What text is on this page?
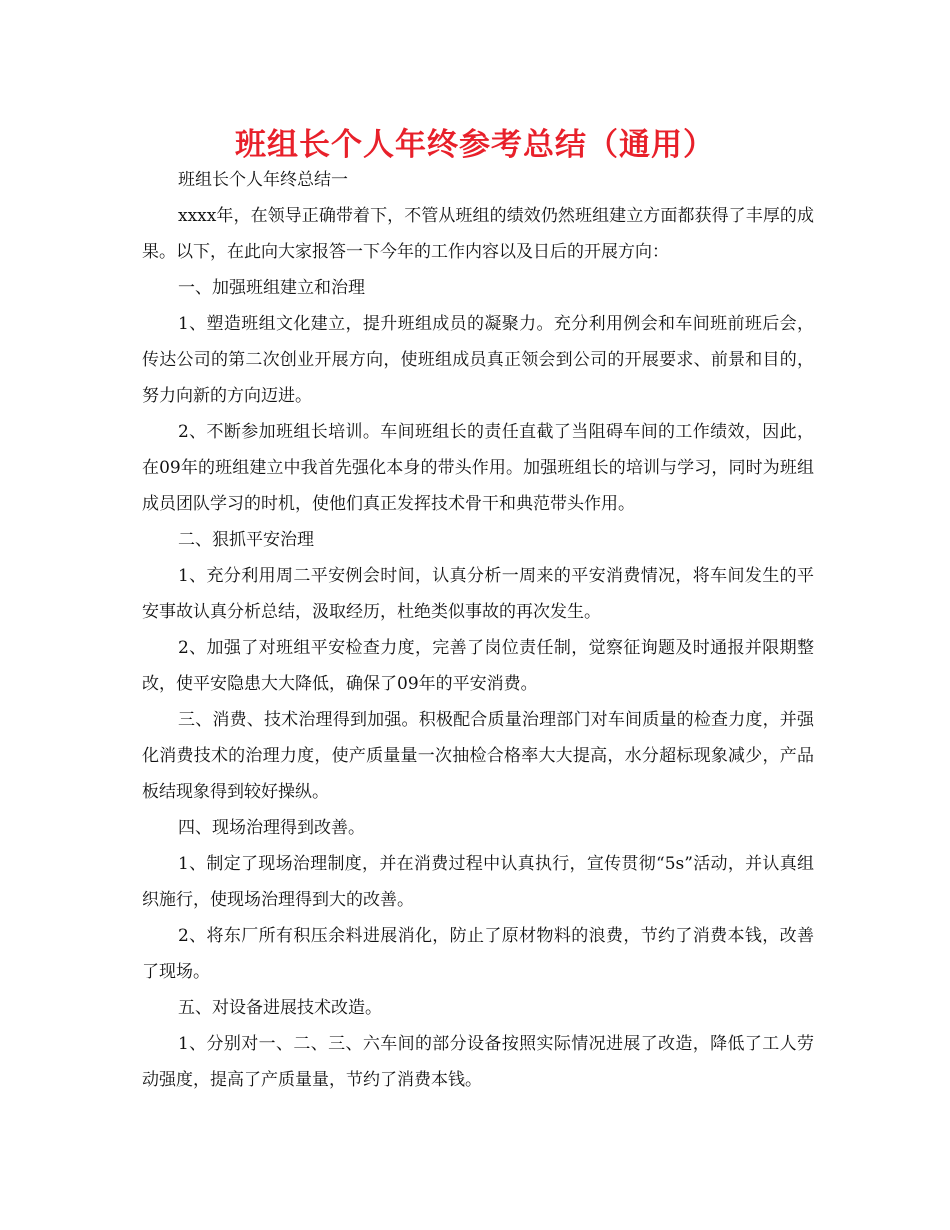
班组长个人年终参考总结（通用）

班组长个人年终总结一

xxxx年，在领导正确带着下，不管从班组的绩效仍然班组建立方面都获得了丰厚的成果。以下，在此向大家报答一下今年的工作内容以及日后的开展方向：

一、加强班组建立和治理

1、塑造班组文化建立，提升班组成员的凝聚力。充分利用例会和车间班前班后会，传达公司的第二次创业开展方向，使班组成员真正领会到公司的开展要求、前景和目的，努力向新的方向迈进。

2、不断参加班组长培训。车间班组长的责任直截了当阻碍车间的工作绩效，因此，在09年的班组建立中我首先强化本身的带头作用。加强班组长的培训与学习，同时为班组成员团队学习的时机，使他们真正发挥技术骨干和典范带头作用。

二、狠抓平安治理

1、充分利用周二平安例会时间，认真分析一周来的平安消费情况，将车间发生的平安事故认真分析总结，汲取经历，杜绝类似事故的再次发生。

2、加强了对班组平安检查力度，完善了岗位责任制，觉察征询题及时通报并限期整改，使平安隐患大大降低，确保了09年的平安消费。

三、消费、技术治理得到加强。积极配合质量治理部门对车间质量的检查力度，并强化消费技术的治理力度，使产质量量一次抽检合格率大大提高，水分超标现象减少，产品板结现象得到较好操纵。

四、现场治理得到改善。

1、制定了现场治理制度，并在消费过程中认真执行，宣传贯彻“5s”活动，并认真组织施行，使现场治理得到大的改善。

2、将东厂所有积压余料进展消化，防止了原材物料的浪费，节约了消费本钱，改善了现场。

五、对设备进展技术改造。

1、分别对一、二、三、六车间的部分设备按照实际情况进展了改造，降低了工人劳动强度，提高了产质量量，节约了消费本钱。
